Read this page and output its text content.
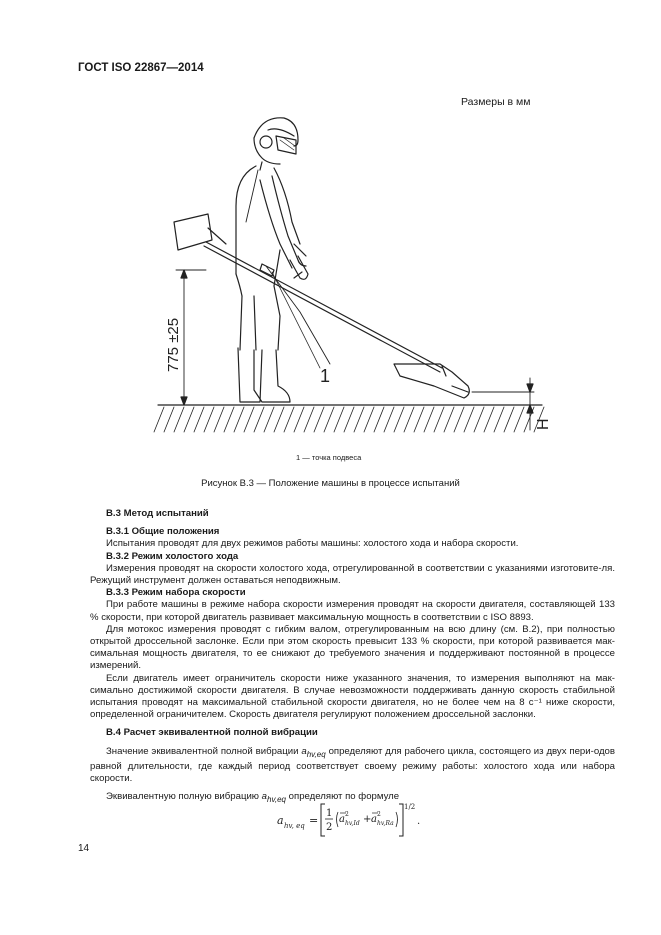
ГОСТ ISO 22867—2014
Размеры в мм
775 ±25
1
H
1 — точка подвеса
Рисунок В.3 — Положение машины в процессе испытаний

В.3 Метод испытаний

В.3.1 Общие положения

Испытания проводят для двух режимов работы машины: холостого хода и набора скорости.

В.3.2 Режим холостого хода

Измерения проводят на скорости холостого хода, отрегулированной в соответствии с указаниями изготовите-ля. Режущий инструмент должен оставаться неподвижным.

В.3.3 Режим набора скорости

При работе машины в режиме набора скорости измерения проводят на скорости двигателя, составляющей 133 % скорости, при которой двигатель развивает максимальную мощность в соответствии с ISO 8893.

Для мотокос измерения проводят с гибким валом, отрегулированным на всю длину (см. В.2), при полностью открытой дроссельной заслонке. Если при этом скорость превысит 133 % скорости, при которой развивается мак-симальная мощность двигателя, то ее снижают до требуемого значения и поддерживают постоянной в процессе измерений.

Если двигатель имеет ограничитель скорости ниже указанного значения, то измерения выполняют на мак-симально достижимой скорости двигателя. В случае невозможности поддерживать данную скорость стабильной испытания проводят на максимальной стабильной скорости двигателя, но не более чем на 8 с⁻¹ ниже скорости, определенной ограничителем. Скорость двигателя регулируют положением дроссельной заслонки.

В.4 Расчет эквивалентной полной вибрации

Значение эквивалентной полной вибрации $a_{hv,eq}$ определяют для рабочего цикла, состоящего из двух пери-одов равной длительности, где каждый период соответствует своему режиму работы: холостого хода или набора скорости.

Эквивалентную полную вибрацию $a_{hv,eq}$ определяют по формуле

a hv, eq =
1
2
a 2
hv,Id + a 2
hv,Ra
1/2
.
14
